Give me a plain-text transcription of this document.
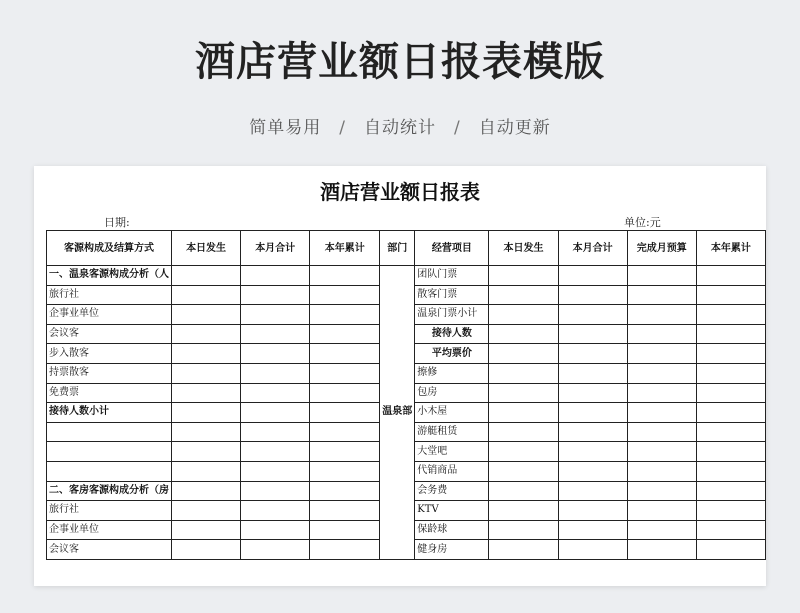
酒店营业额日报表模版
简单易用 / 自动统计 / 自动更新
酒店营业额日报表
日期:	单位:元
客源构成及结算方式	本日发生	本月合计	本年累计	部门	经营项目	本日发生	本月合计	完成月预算	本年累计
一、温泉客源构成分析（人				温泉部	团队门票				
旅行社					散客门票				
企事业单位					温泉门票小计				
会议客					接待人数				
步入散客					平均票价				
持票散客					擦修				
免费票					包房				
接待人数小计					小木屋				
					游艇租赁				
					大堂吧				
					代销商品				
二、客房客源构成分析（房					会务费				
旅行社					KTV				
企事业单位					保龄球				
会议客					健身房				
